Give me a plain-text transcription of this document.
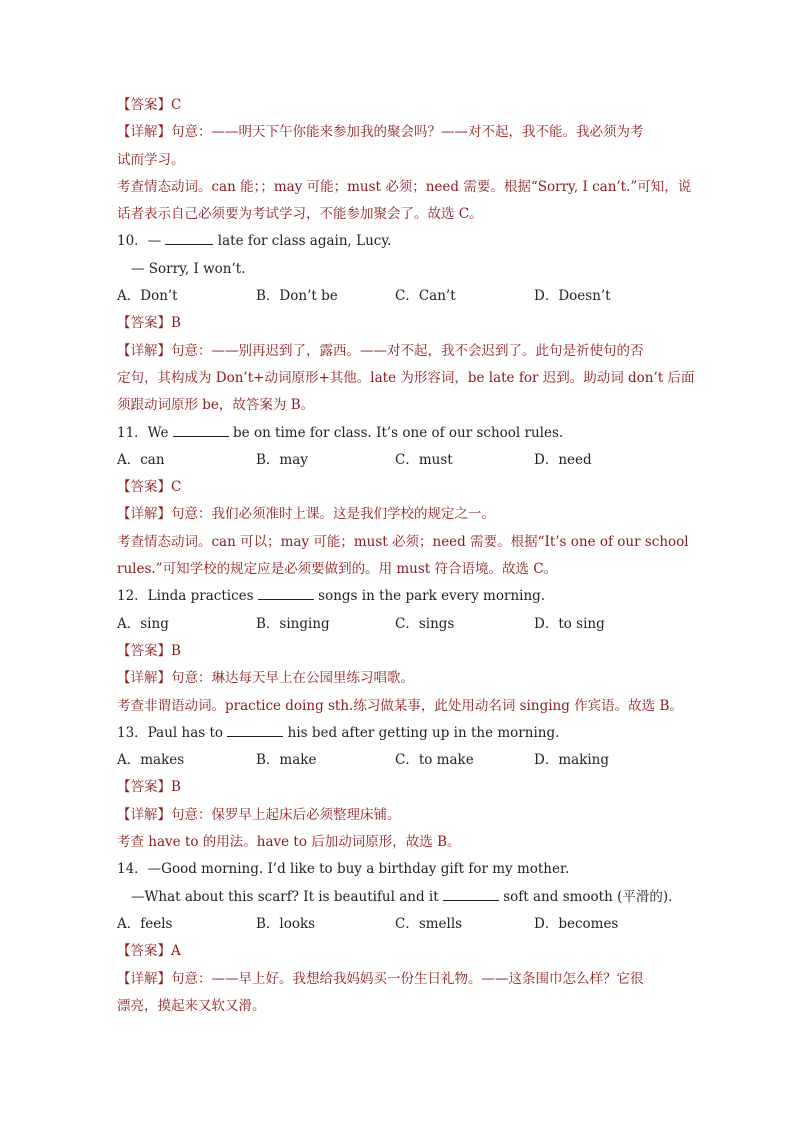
【答案】C
【详解】句意：——明天下午你能来参加我的聚会吗？——对不起，我不能。我必须为考
试而学习。
考查情态动词。can 能；；may 可能；must 必须；need 需要。根据“Sorry, I can’t.”可知，说
话者表示自己必须要为考试学习，不能参加聚会了。故选 C。
10．—	late for class again, Lucy.
— Sorry, I won’t.
A．Don’t	B．Don’t be	C．Can’t	D．Doesn’t
【答案】B
【详解】句意：——别再迟到了，露西。——对不起，我不会迟到了。此句是祈使句的否
定句，其构成为 Don’t+动词原形+其他。late 为形容词，be late for 迟到。助动词 don’t 后面
须跟动词原形 be，故答案为 B。
11．We	be on time for class. It’s one of our school rules.
A．can	B．may	C．must	D．need
【答案】C
【详解】句意：我们必须准时上课。这是我们学校的规定之一。
考查情态动词。can 可以；may 可能；must 必须；need 需要。根据“It’s one of our school
rules.”可知学校的规定应是必须要做到的。用 must 符合语境。故选 C。
12．Linda practices	songs in the park every morning.
A．sing	B．singing	C．sings	D．to sing
【答案】B
【详解】句意：琳达每天早上在公园里练习唱歌。
考查非谓语动词。practice doing sth.练习做某事，此处用动名词 singing 作宾语。故选 B。
13．Paul has to	his bed after getting up in the morning.
A．makes	B．make	C．to make	D．making
【答案】B
【详解】句意：保罗早上起床后必须整理床铺。
考查 have to 的用法。have to 后加动词原形，故选 B。
14．—Good morning. I’d like to buy a birthday gift for my mother.
—What about this scarf? It is beautiful and it	soft and smooth (平滑的).
A．feels	B．looks	C．smells	D．becomes
【答案】A
【详解】句意：——早上好。我想给我妈妈买一份生日礼物。——这条围巾怎么样？它很
漂亮，摸起来又软又滑。
